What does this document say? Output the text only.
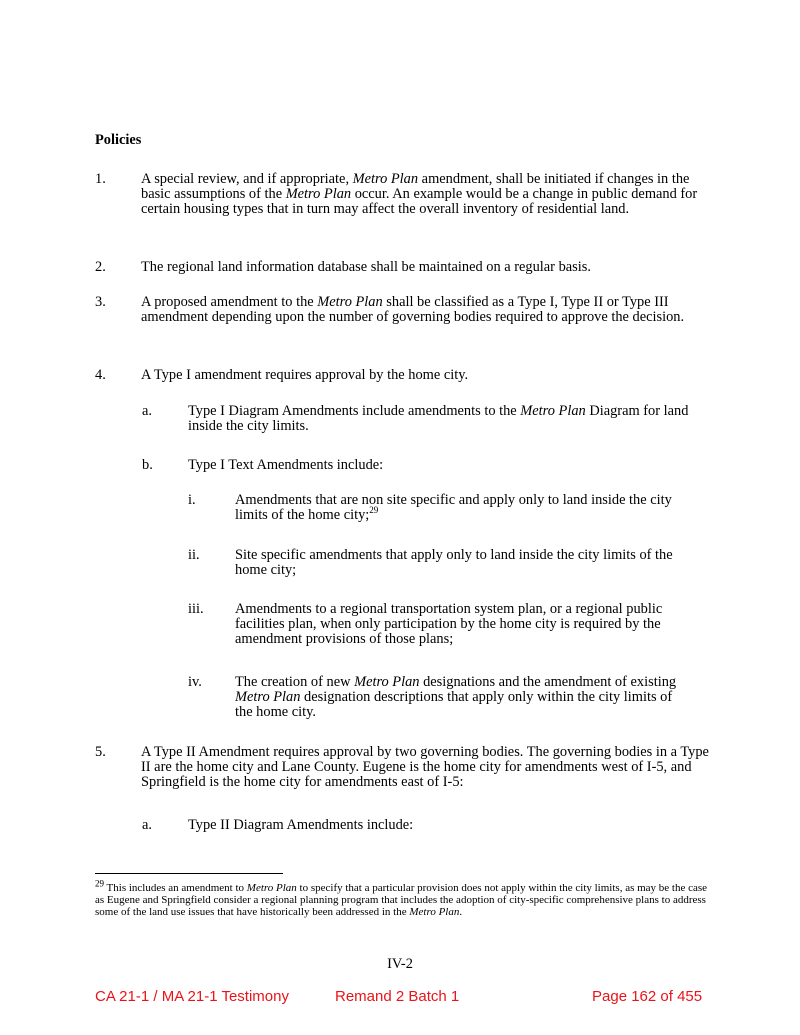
Policies
1. A special review, and if appropriate, Metro Plan amendment, shall be initiated if changes in the basic assumptions of the Metro Plan occur. An example would be a change in public demand for certain housing types that in turn may affect the overall inventory of residential land.
2. The regional land information database shall be maintained on a regular basis.
3. A proposed amendment to the Metro Plan shall be classified as a Type I, Type II or Type III amendment depending upon the number of governing bodies required to approve the decision.
4. A Type I amendment requires approval by the home city.
a.	Type I Diagram Amendments include amendments to the Metro Plan Diagram for land inside the city limits.
b. Type I Text Amendments include:
i.	Amendments that are non site specific and apply only to land inside the city limits of the home city;$^{29}$
ii. Site specific amendments that apply only to land inside the city limits of the home city;
iii. Amendments to a regional transportation system plan, or a regional public facilities plan, when only participation by the home city is required by the amendment provisions of those plans;
iv. The creation of new Metro Plan designations and the amendment of existing Metro Plan designation descriptions that apply only within the city limits of the home city.
5. A Type II Amendment requires approval by two governing bodies. The governing bodies in a Type II are the home city and Lane County. Eugene is the home city for amendments west of I-5, and Springfield is the home city for amendments east of I-5:
a.	Type II Diagram Amendments include:
$^{29}$ This includes an amendment to Metro Plan to specify that a particular provision does not apply within the city limits, as may be the case as Eugene and Springfield consider a regional planning program that includes the adoption of city-specific comprehensive plans to address some of the land use issues that have historically been addressed in the Metro Plan.
IV-2
CA 21-1 / MA 21-1 Testimony	Remand 2 Batch 1	Page 162 of 455
